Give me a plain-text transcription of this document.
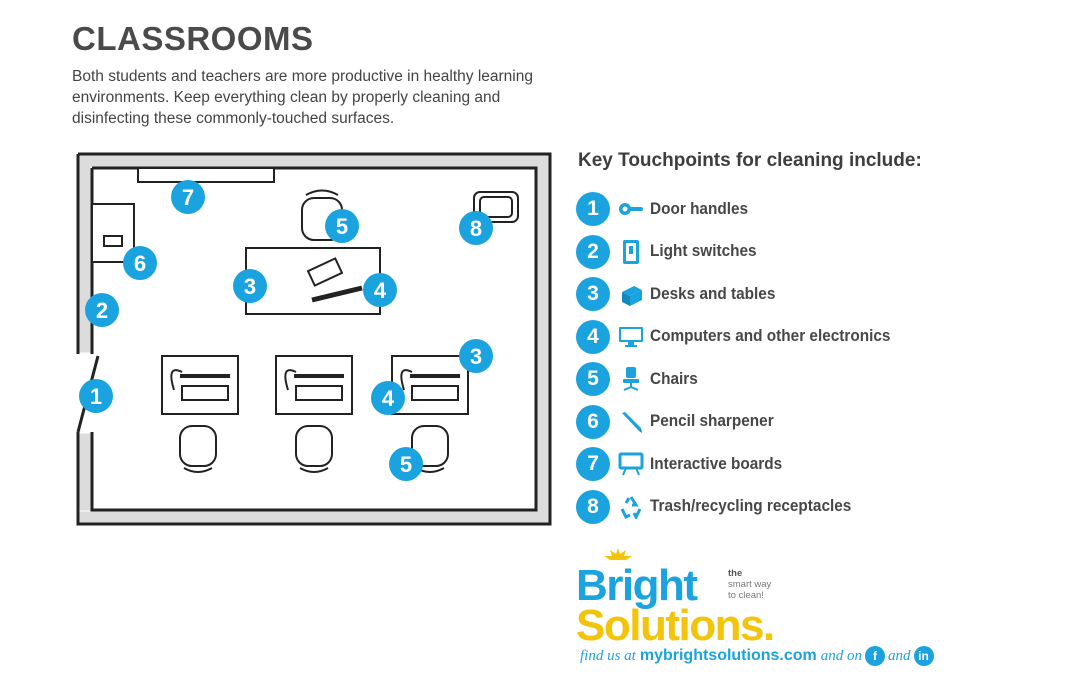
CLASSROOMS

Both students and teachers are more productive in healthy learning environments. Keep everything clean by properly cleaning and disinfecting these commonly-touched surfaces.

1
2
3
3
4
4
5
5
6
7
8
Key Touchpoints for cleaning include:
1	Door handles
2	Light switches
3	Desks and tables
4	Computers and other electronics
5	Chairs
6	Pencil sharpener
7	Interactive boards
8	Trash/recycling receptacles

Bright

Solutions.

the
smart way
to clean!
find us at mybrightsolutions.com and on f and in
